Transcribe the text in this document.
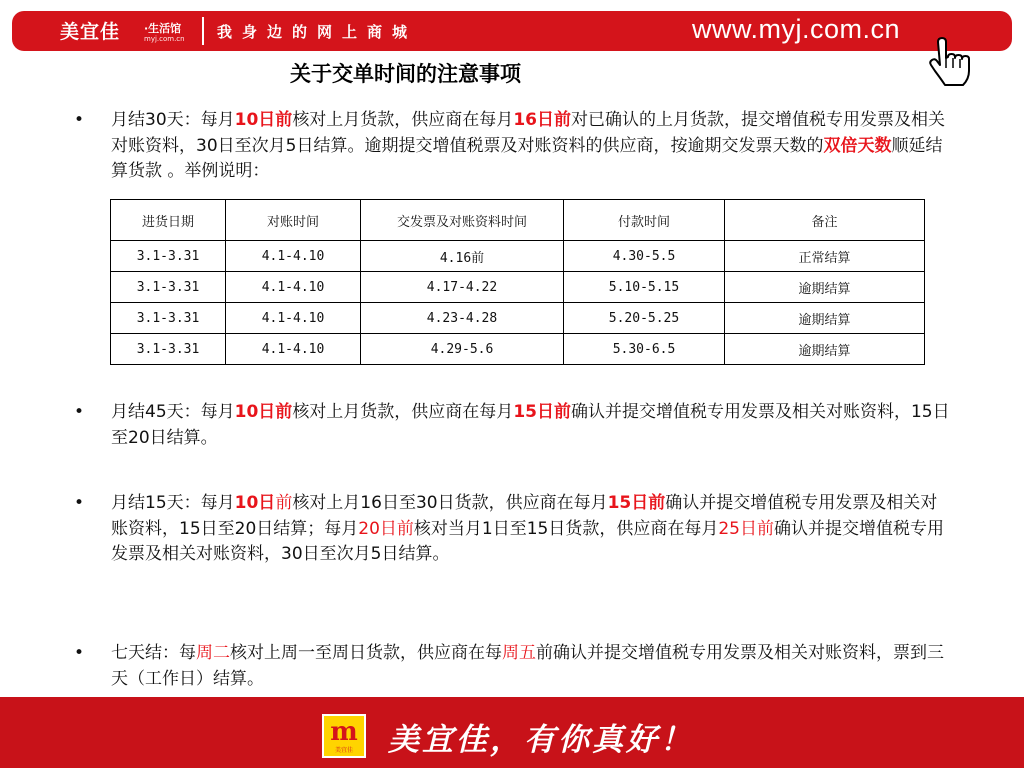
美宜佳 ·生活馆
myj.com.cn 我身边的网上商城	www.myj.com.cn
关于交单时间的注意事项
• 月结30天：每月10日前核对上月货款，供应商在每月16日前对已确认的上月货款，提交增值税专用发票及相关对账资料，30日至次月5日结算。逾期提交增值税票及对账资料的供应商，按逾期交发票天数的双倍天数顺延结算货款 。举例说明：
进货日期	对账时间	交发票及对账资料时间	付款时间	备注
3.1-3.31	4.1-4.10	4.16前	4.30-5.5	正常结算
3.1-3.31	4.1-4.10	4.17-4.22	5.10-5.15	逾期结算
3.1-3.31	4.1-4.10	4.23-4.28	5.20-5.25	逾期结算
3.1-3.31	4.1-4.10	4.29-5.6	5.30-6.5	逾期结算
• 月结45天：每月10日前核对上月货款，供应商在每月15日前确认并提交增值税专用发票及相关对账资料，15日至20日结算。
• 月结15天：每月10日前核对上月16日至30日货款，供应商在每月15日前确认并提交增值税专用发票及相关对账资料，15日至20日结算；每月20日前核对当月1日至15日货款，供应商在每月25日前确认并提交增值税专用发票及相关对账资料，30日至次月5日结算。
• 七天结：每周二核对上周一至周日货款，供应商在每周五前确认并提交增值税专用发票及相关对账资料，票到三天（工作日）结算。
m
美宜佳	美宜佳，有你真好！
